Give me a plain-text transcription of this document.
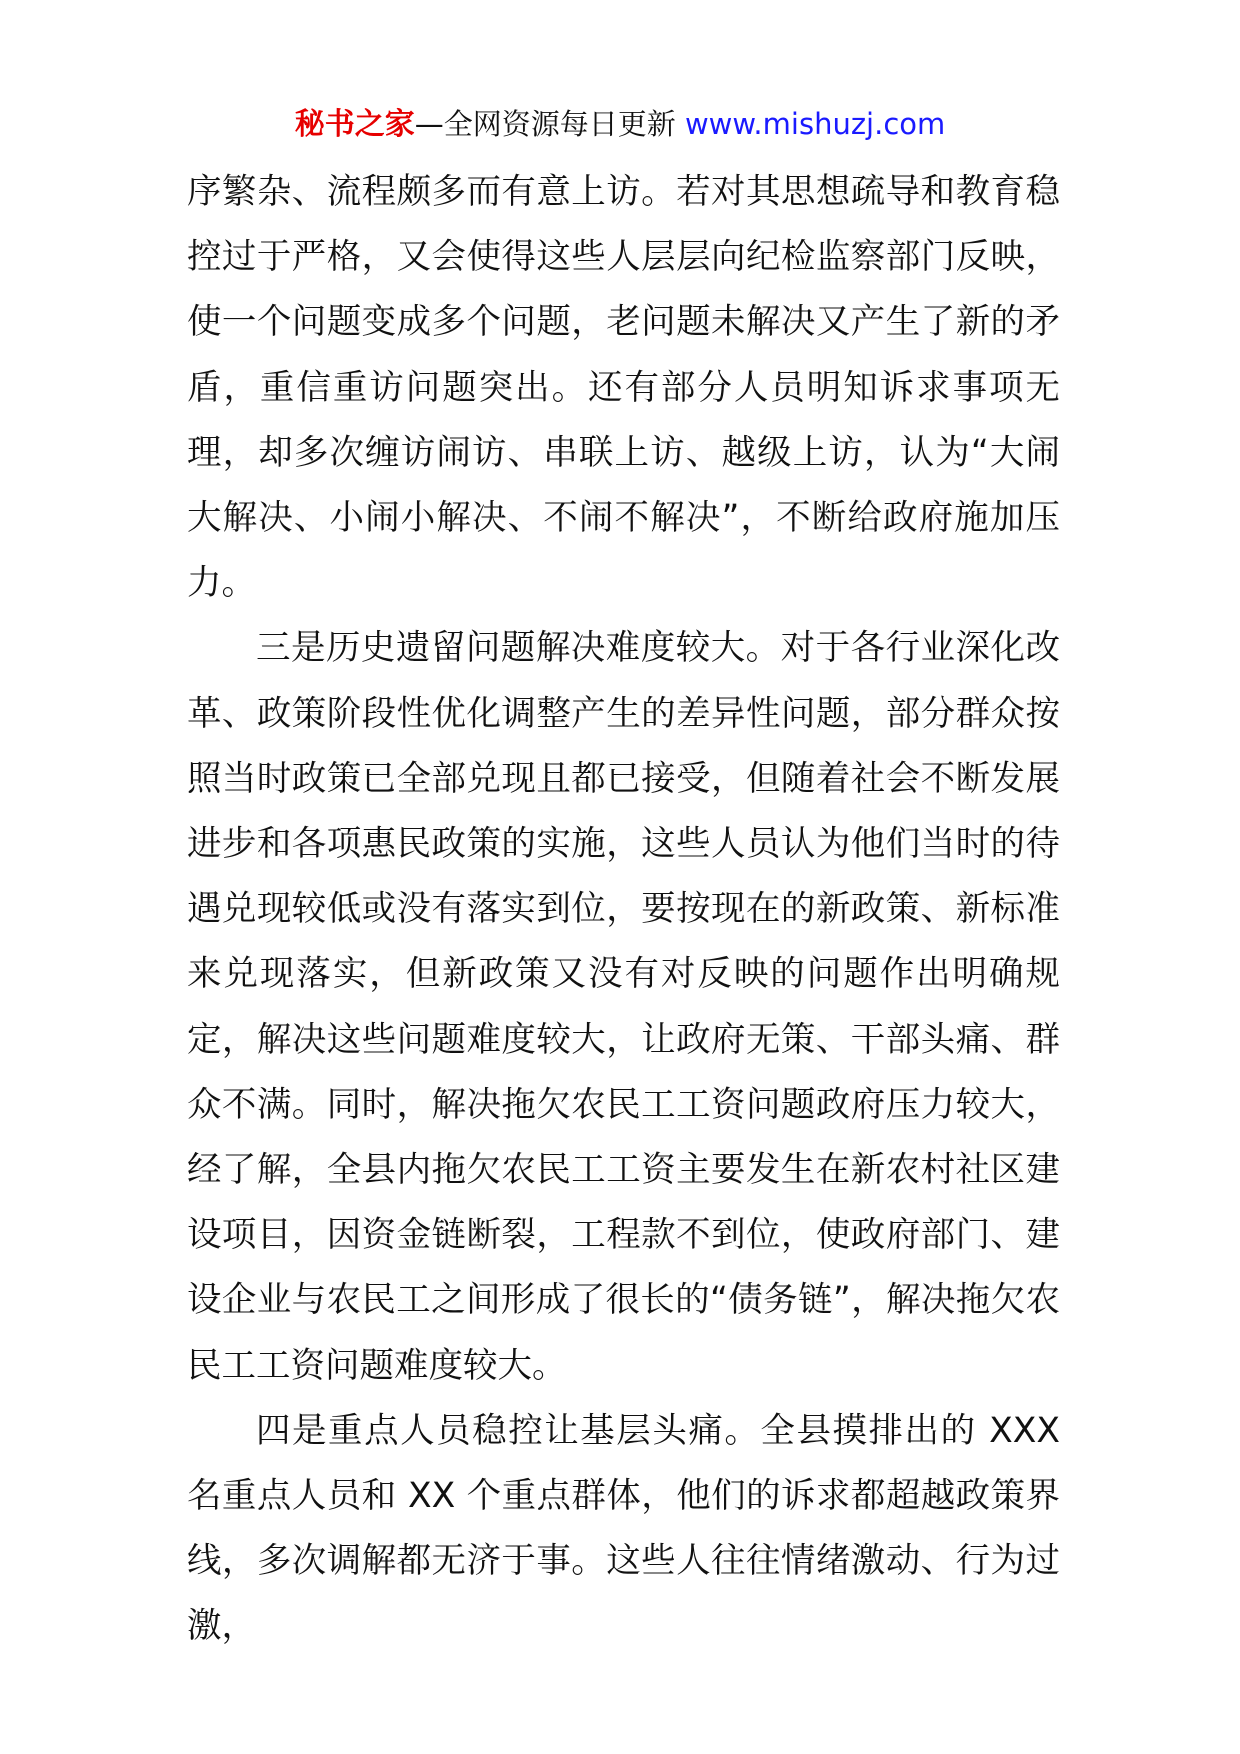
秘书之家—全网资源每日更新 www.mishuzj.com

序繁杂、流程颇多而有意上访。若对其思想疏导和教育稳控过于严格，又会使得这些人层层向纪检监察部门反映，使一个问题变成多个问题，老问题未解决又产生了新的矛盾，重信重访问题突出。还有部分人员明知诉求事项无理，却多次缠访闹访、串联上访、越级上访，认为“大闹大解决、小闹小解决、不闹不解决”，不断给政府施加压力。

三是历史遗留问题解决难度较大。对于各行业深化改革、政策阶段性优化调整产生的差异性问题，部分群众按照当时政策已全部兑现且都已接受，但随着社会不断发展进步和各项惠民政策的实施，这些人员认为他们当时的待遇兑现较低或没有落实到位，要按现在的新政策、新标准来兑现落实，但新政策又没有对反映的问题作出明确规定，解决这些问题难度较大，让政府无策、干部头痛、群众不满。同时，解决拖欠农民工工资问题政府压力较大，经了解，全县内拖欠农民工工资主要发生在新农村社区建设项目，因资金链断裂，工程款不到位，使政府部门、建设企业与农民工之间形成了很长的“债务链”，解决拖欠农民工工资问题难度较大。

四是重点人员稳控让基层头痛。全县摸排出的 XXX 名重点人员和 XX 个重点群体，他们的诉求都超越政策界线，多次调解都无济于事。这些人往往情绪激动、行为过激，
